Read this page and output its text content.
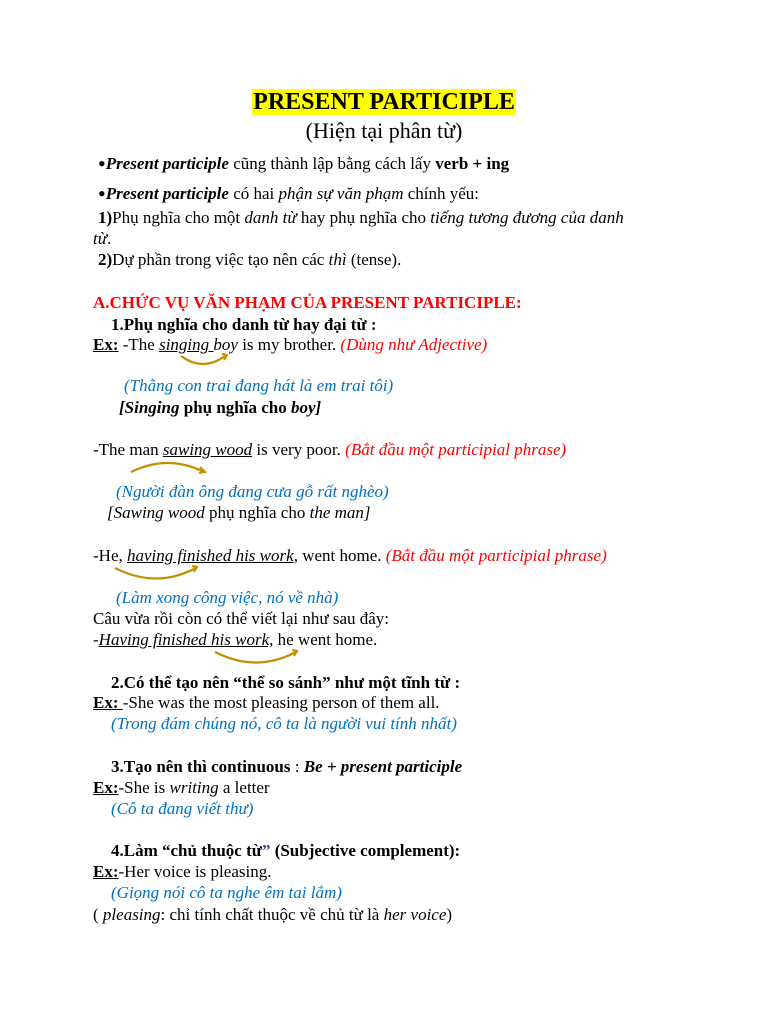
PRESENT PARTICIPLE
(Hiện tại phân từ)
•Present participle cũng thành lập bằng cách lấy verb + ing
•Present participle có hai phận sự văn phạm chính yếu:
1)Phụ nghĩa cho một danh từ hay phụ nghĩa cho tiếng tương đương của danh
từ.
2)Dự phần trong việc tạo nên các thì (tense).
A.CHỨC VỤ VĂN PHẠM CỦA PRESENT PARTICIPLE:
1.Phụ nghĩa cho danh từ hay đại từ :
Ex: -The singing boy is my brother. (Dùng như Adjective)
(Thằng con trai đang hát là em trai tôi)
[Singing phụ nghĩa cho boy]
-The man sawing wood is very poor. (Bắt đầu một participial phrase)
(Người đàn ông đang cưa gỗ rất nghèo)
[Sawing wood phụ nghĩa cho the man]
-He, having finished his work, went home. (Bắt đầu một participial phrase)
(Làm xong công việc, nó về nhà)
Câu vừa rồi còn có thể viết lại như sau đây:
-Having finished his work, he went home.
2.Có thể tạo nên “thể so sánh” như một tĩnh từ :
Ex: -She was the most pleasing person of them all.
(Trong đám chúng nó, cô ta là người vui tính nhất)
3.Tạo nên thì continuous : Be + present participle
Ex:-She is writing a letter
(Cô ta đang viết thư)
4.Làm “chủ thuộc từ” (Subjective complement):
Ex:-Her voice is pleasing.
(Giọng nói cô ta nghe êm tai lắm)
( pleasing: chỉ tính chất thuộc về chủ từ là her voice)
